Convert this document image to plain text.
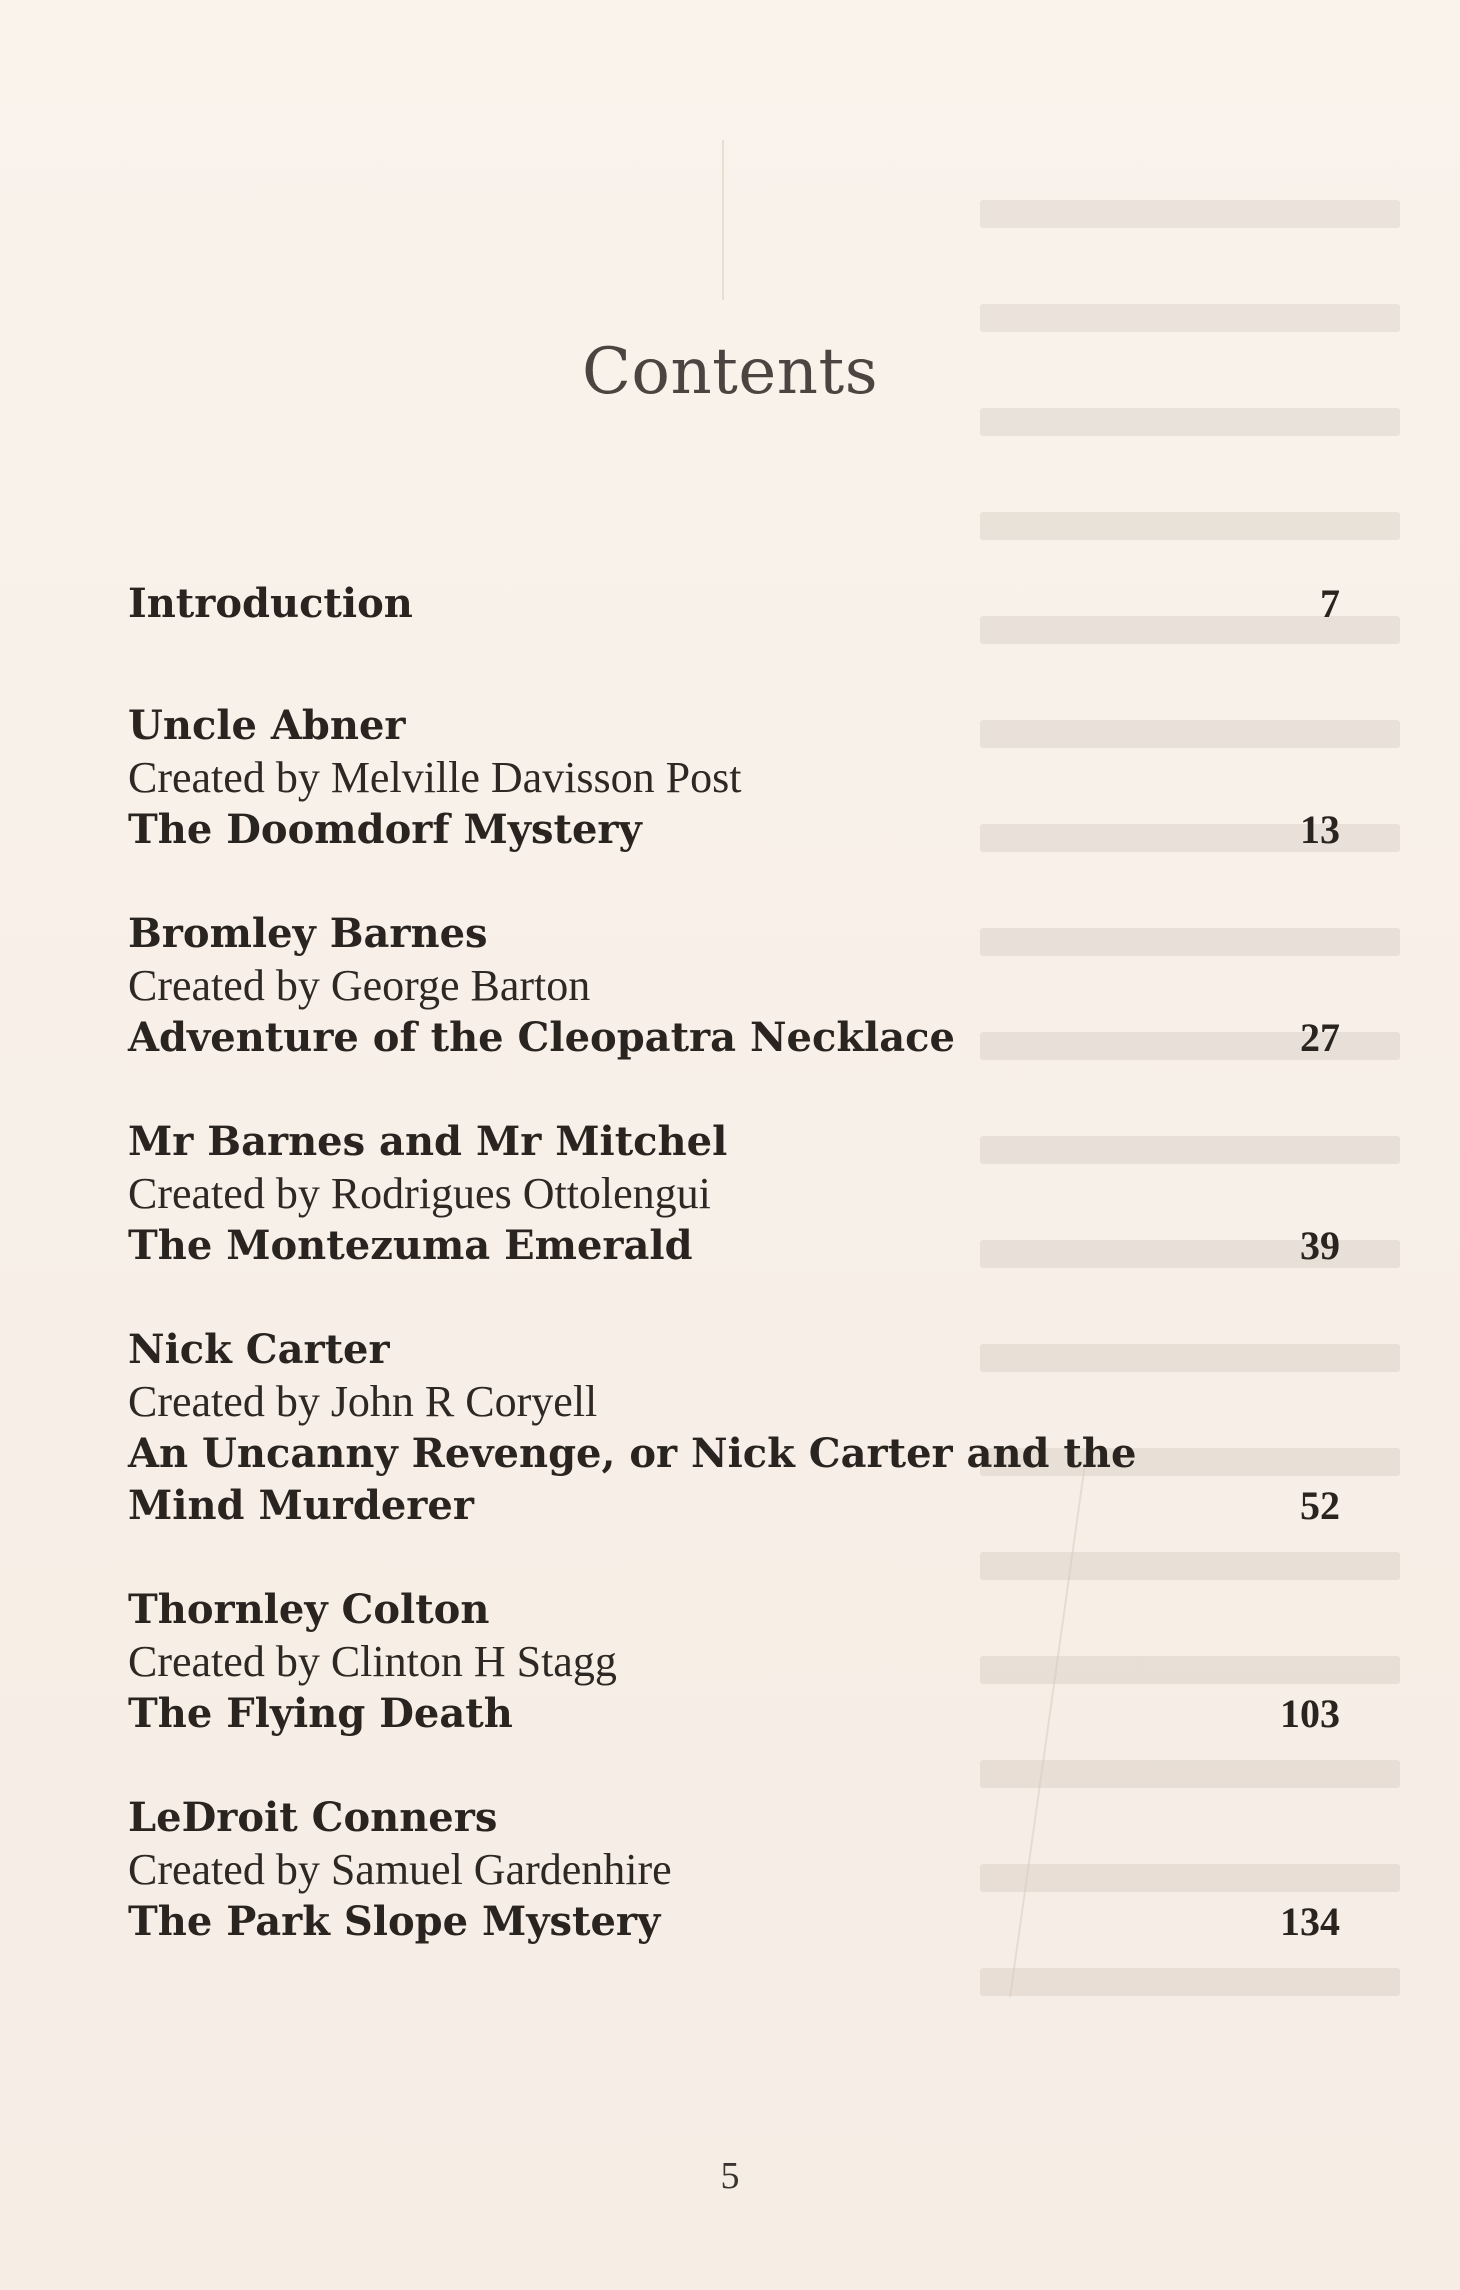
Contents
Introduction	7
Uncle Abner
Created by Melville Davisson Post
The Doomdorf Mystery	13
Bromley Barnes
Created by George Barton
Adventure of the Cleopatra Necklace	27
Mr Barnes and Mr Mitchel
Created by Rodrigues Ottolengui
The Montezuma Emerald	39
Nick Carter
Created by John R Coryell
An Uncanny Revenge, or Nick Carter and the Mind Murderer	52
Thornley Colton
Created by Clinton H Stagg
The Flying Death	103
LeDroit Conners
Created by Samuel Gardenhire
The Park Slope Mystery	134
5
